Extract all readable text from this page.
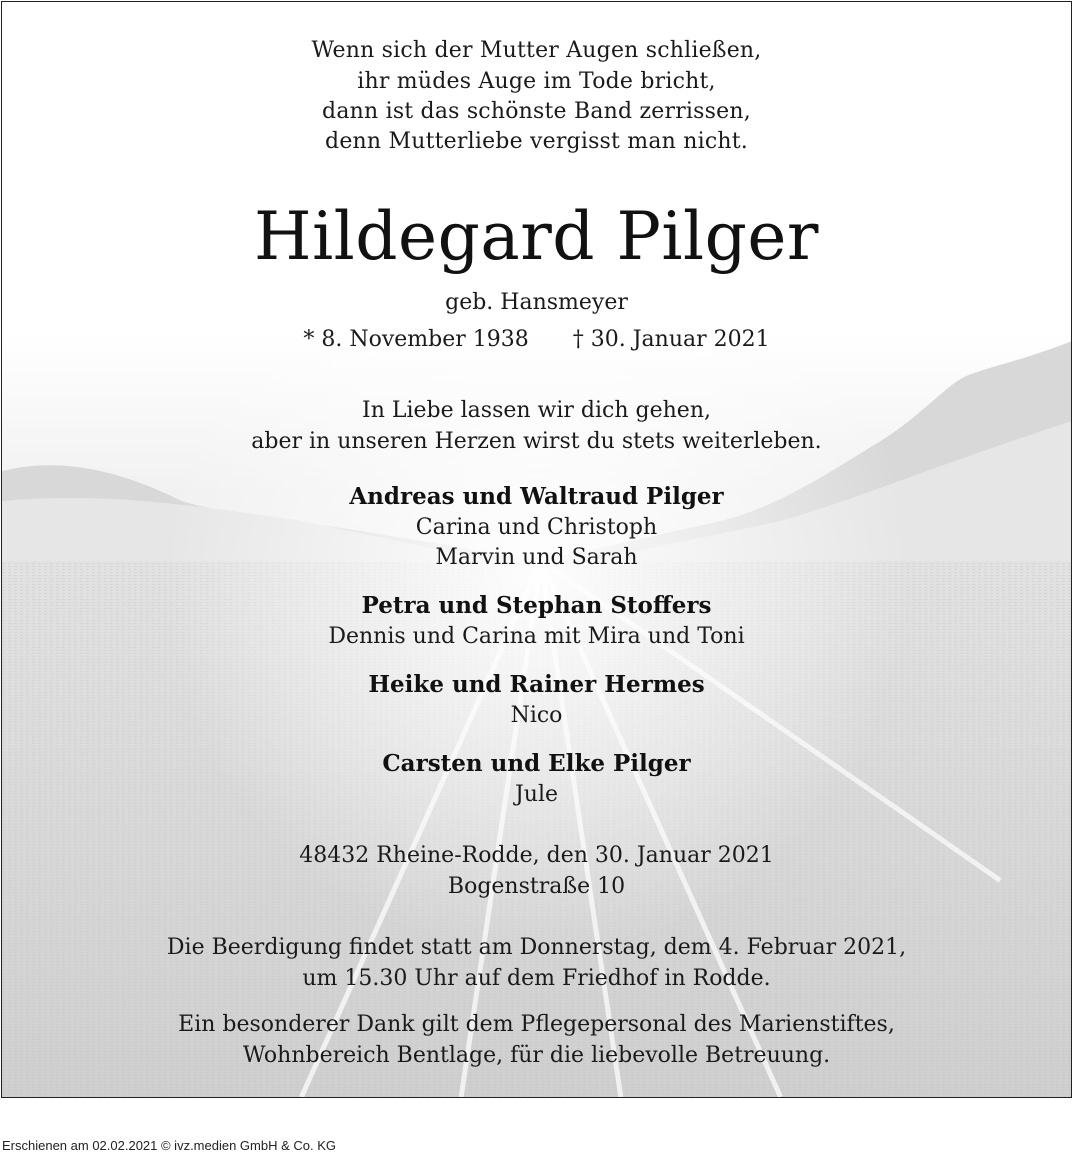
Wenn sich der Mutter Augen schließen,
ihr müdes Auge im Tode bricht,
dann ist das schönste Band zerrissen,
denn Mutterliebe vergisst man nicht.
Hildegard Pilger
geb. Hansmeyer
* 8. November 1938 † 30. Januar 2021
In Liebe lassen wir dich gehen,
aber in unseren Herzen wirst du stets weiterleben.
Andreas und Waltraud Pilger
Carina und Christoph
Marvin und Sarah
Petra und Stephan Stoffers
Dennis und Carina mit Mira und Toni
Heike und Rainer Hermes
Nico
Carsten und Elke Pilger
Jule
48432 Rheine-Rodde, den 30. Januar 2021
Bogenstraße 10
Die Beerdigung findet statt am Donnerstag, dem 4. Februar 2021,
um 15.30 Uhr auf dem Friedhof in Rodde.
Ein besonderer Dank gilt dem Pflegepersonal des Marienstiftes,
Wohnbereich Bentlage, für die liebevolle Betreuung.
Erschienen am 02.02.2021 © ivz.medien GmbH & Co. KG
